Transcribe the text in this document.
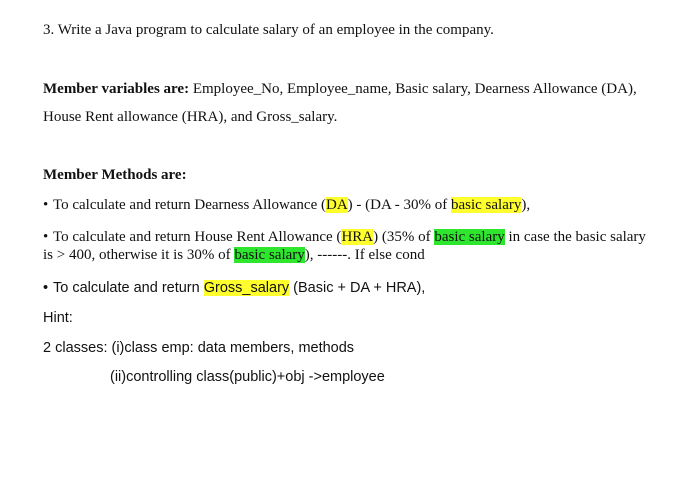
3. Write a Java program to calculate salary of an employee in the company.
Member variables are: Employee_No, Employee_name, Basic salary, Dearness Allowance (DA),
House Rent allowance (HRA), and Gross_salary.
Member Methods are:
• To calculate and return Dearness Allowance (DA) - (DA - 30% of basic salary),
• To calculate and return House Rent Allowance (HRA) (35% of basic salary in case the basic salary
is > 400, otherwise it is 30% of basic salary), ------. If else cond
• To calculate and return Gross_salary (Basic + DA + HRA),
Hint:
2 classes: (i)class emp: data members, methods
(ii)controlling class(public)+obj ->employee
